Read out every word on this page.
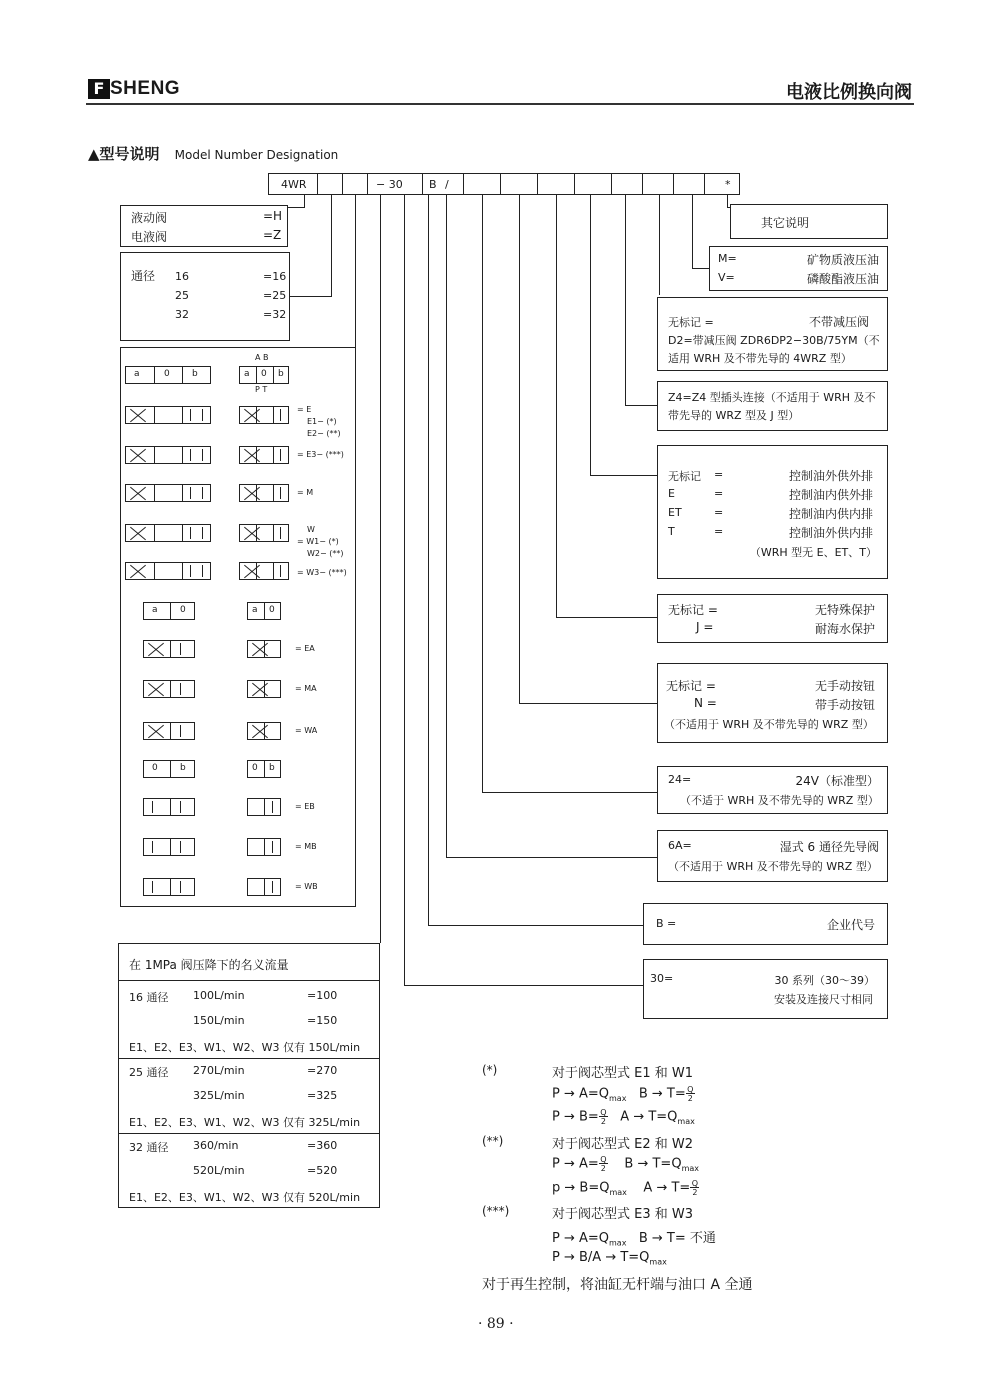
F SHENG	电液比例换向阀
▲型号说明 Model Number Designation
4WR	− 30 B /	*
液动阀	=H
电液阀	=Z
通径 16	=16
25	=25
32	=32
a	0 b
A B
a 0 b
P T
= E
E1− (*)
E2− (**)
= E3− (***)
= M
W
= W1− (*)
W2− (**)
= W3− (***)
a 0	a 0
= EA
= MA
= WA
0 b	0 b
= EB
= MB
= WB
在 1MPa 阀压降下的名义流量
16 通径 100L/min	=100
150L/min	=150
E1、E2、E3、W1、W2、W3 仅有 150L/min
25 通径 270L/min	=270
325L/min	=325
E1、E2、E3、W1、W2、W3 仅有 325L/min
32 通径 360/min	=360
520L/min	=520
E1、E2、E3、W1、W2、W3 仅有 520L/min
其它说明
M=	矿物质液压油
V=	磷酸酯液压油
无标记 =	不带减压阀
D2=带减压阀 ZDR6DP2−30B/75YM（不
适用 WRH 及不带先导的 4WRZ 型）
Z4=Z4 型插头连接（不适用于 WRH 及不
带先导的 WRZ 型及 J 型）
无标记 =	控制油外供外排
E	=	控制油内供外排
ET	=	控制油内供内排
T	=	控制油外供内排
（WRH 型无 E、ET、T）
无标记 =	无特殊保护
J =	耐海水保护
无标记 =	无手动按钮
N =	带手动按钮
（不适用于 WRH 及不带先导的 WRZ 型）
24=	24V（标准型）
（不适于 WRH 及不带先导的 WRZ 型）
6A=	湿式 6 通径先导阀
（不适用于 WRH 及不带先导的 WRZ 型）
B =	企业代号
30=	30 系列（30～39）
安装及连接尺寸相同
(*)	对于阀芯型式 E1 和 W1
$P \to A=Q_{max}$   B → T=Q
2
P → B=Q
2   $A \to T=Q_{max}$
(**)	对于阀芯型式 E2 和 W2
P → A=Q
2    $B \to T=Q_{max}$
$p \to B=Q_{max}$    A → T=Q
2
(***)	对于阀芯型式 E3 和 W3
$P \to A=Q_{max}$ B → T= 不通
$P \to B/A \to T=Q_{max}$
对于再生控制，将油缸无杆端与油口 A 全通
· 89 ·
